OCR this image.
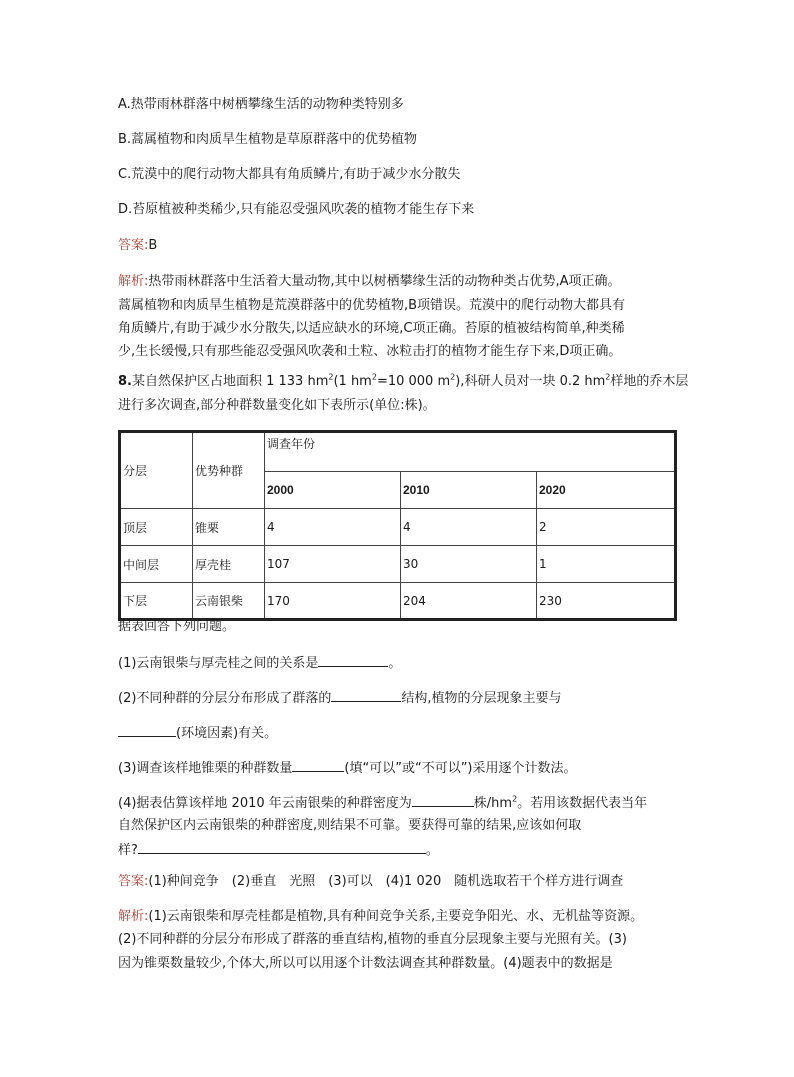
A.热带雨林群落中树栖攀缘生活的动物种类特别多
B.蒿属植物和肉质旱生植物是草原群落中的优势植物
C.荒漠中的爬行动物大都具有角质鳞片,有助于减少水分散失
D.苔原植被种类稀少,只有能忍受强风吹袭的植物才能生存下来
答案:B
解析:热带雨林群落中生活着大量动物,其中以树栖攀缘生活的动物种类占优势,A项正确。
蒿属植物和肉质旱生植物是荒漠群落中的优势植物,B项错误。荒漠中的爬行动物大都具有
角质鳞片,有助于减少水分散失,以适应缺水的环境,C项正确。苔原的植被结构简单,种类稀
少,生长缓慢,只有那些能忍受强风吹袭和土粒、冰粒击打的植物才能生存下来,D项正确。
8.某自然保护区占地面积 1 133 $hm^2(1$ $hm^2=10$ 000 $m^2$),科研人员对一块 0.2 $hm^2$样地的乔木层
进行多次调查,部分种群数量变化如下表所示(单位:株)。
分层	优势种群	调查年份		
		2000	2010	2020
顶层	锥栗	4	4	2
中间层	厚壳桂	107	30	1
下层	云南银柴	170	204	230
据表回答下列问题。
(1)云南银柴与厚壳桂之间的关系是	。
(2)不同种群的分层分布形成了群落的	结构,植物的分层现象主要与
(环境因素)有关。
(3)调查该样地锥栗的种群数量	(填“可以”或“不可以”)采用逐个计数法。
(4)据表估算该样地 2010 年云南银柴的种群密度为	株$/hm^2$。若用该数据代表当年
自然保护区内云南银柴的种群密度,则结果不可靠。要获得可靠的结果,应该如何取
样?	。
答案:(1)种间竞争　(2)垂直　光照　(3)可以　(4)1 020　随机选取若干个样方进行调查
解析:(1)云南银柴和厚壳桂都是植物,具有种间竞争关系,主要竞争阳光、水、无机盐等资源。
(2)不同种群的分层分布形成了群落的垂直结构,植物的垂直分层现象主要与光照有关。(3)
因为锥栗数量较少,个体大,所以可以用逐个计数法调查其种群数量。(4)题表中的数据是
